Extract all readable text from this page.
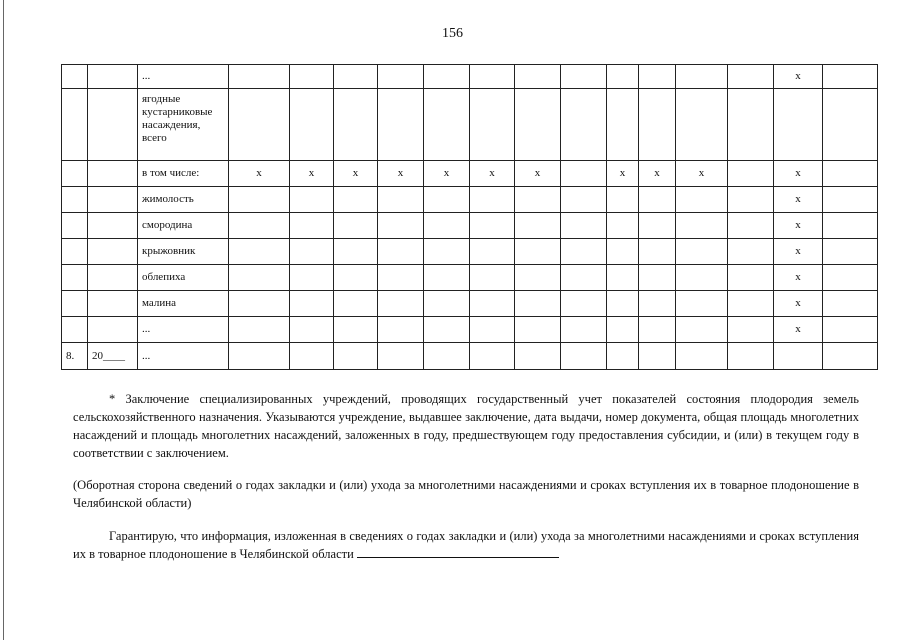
156
		...													х	
		ягодные кустарниковые насаждения, всего														
		в том числе:	х	х	х	х	х	х	х		х	х	х		х	
		жимолость													х	
		смородина													х	
		крыжовник													х	
		облепиха													х	
		малина													х	
		...													х	
8.	20____	...														
* Заключение специализированных учреждений, проводящих государственный учет показателей состояния плодородия земель сельскохозяйственного назначения. Указываются учреждение, выдавшее заключение, дата выдачи, номер документа, общая площадь многолетних насаждений и площадь многолетних насаждений, заложенных в году, предшествующем году предоставления субсидии, и (или) в текущем году в соответствии с заключением.
(Оборотная сторона сведений о годах закладки и (или) ухода за многолетними насаждениями и сроках вступления их в товарное плодоношение в Челябинской области)
Гарантирую, что информация, изложенная в сведениях о годах закладки и (или) ухода за многолетними насаждениями и сроках вступления их в товарное плодоношение в Челябинской области
